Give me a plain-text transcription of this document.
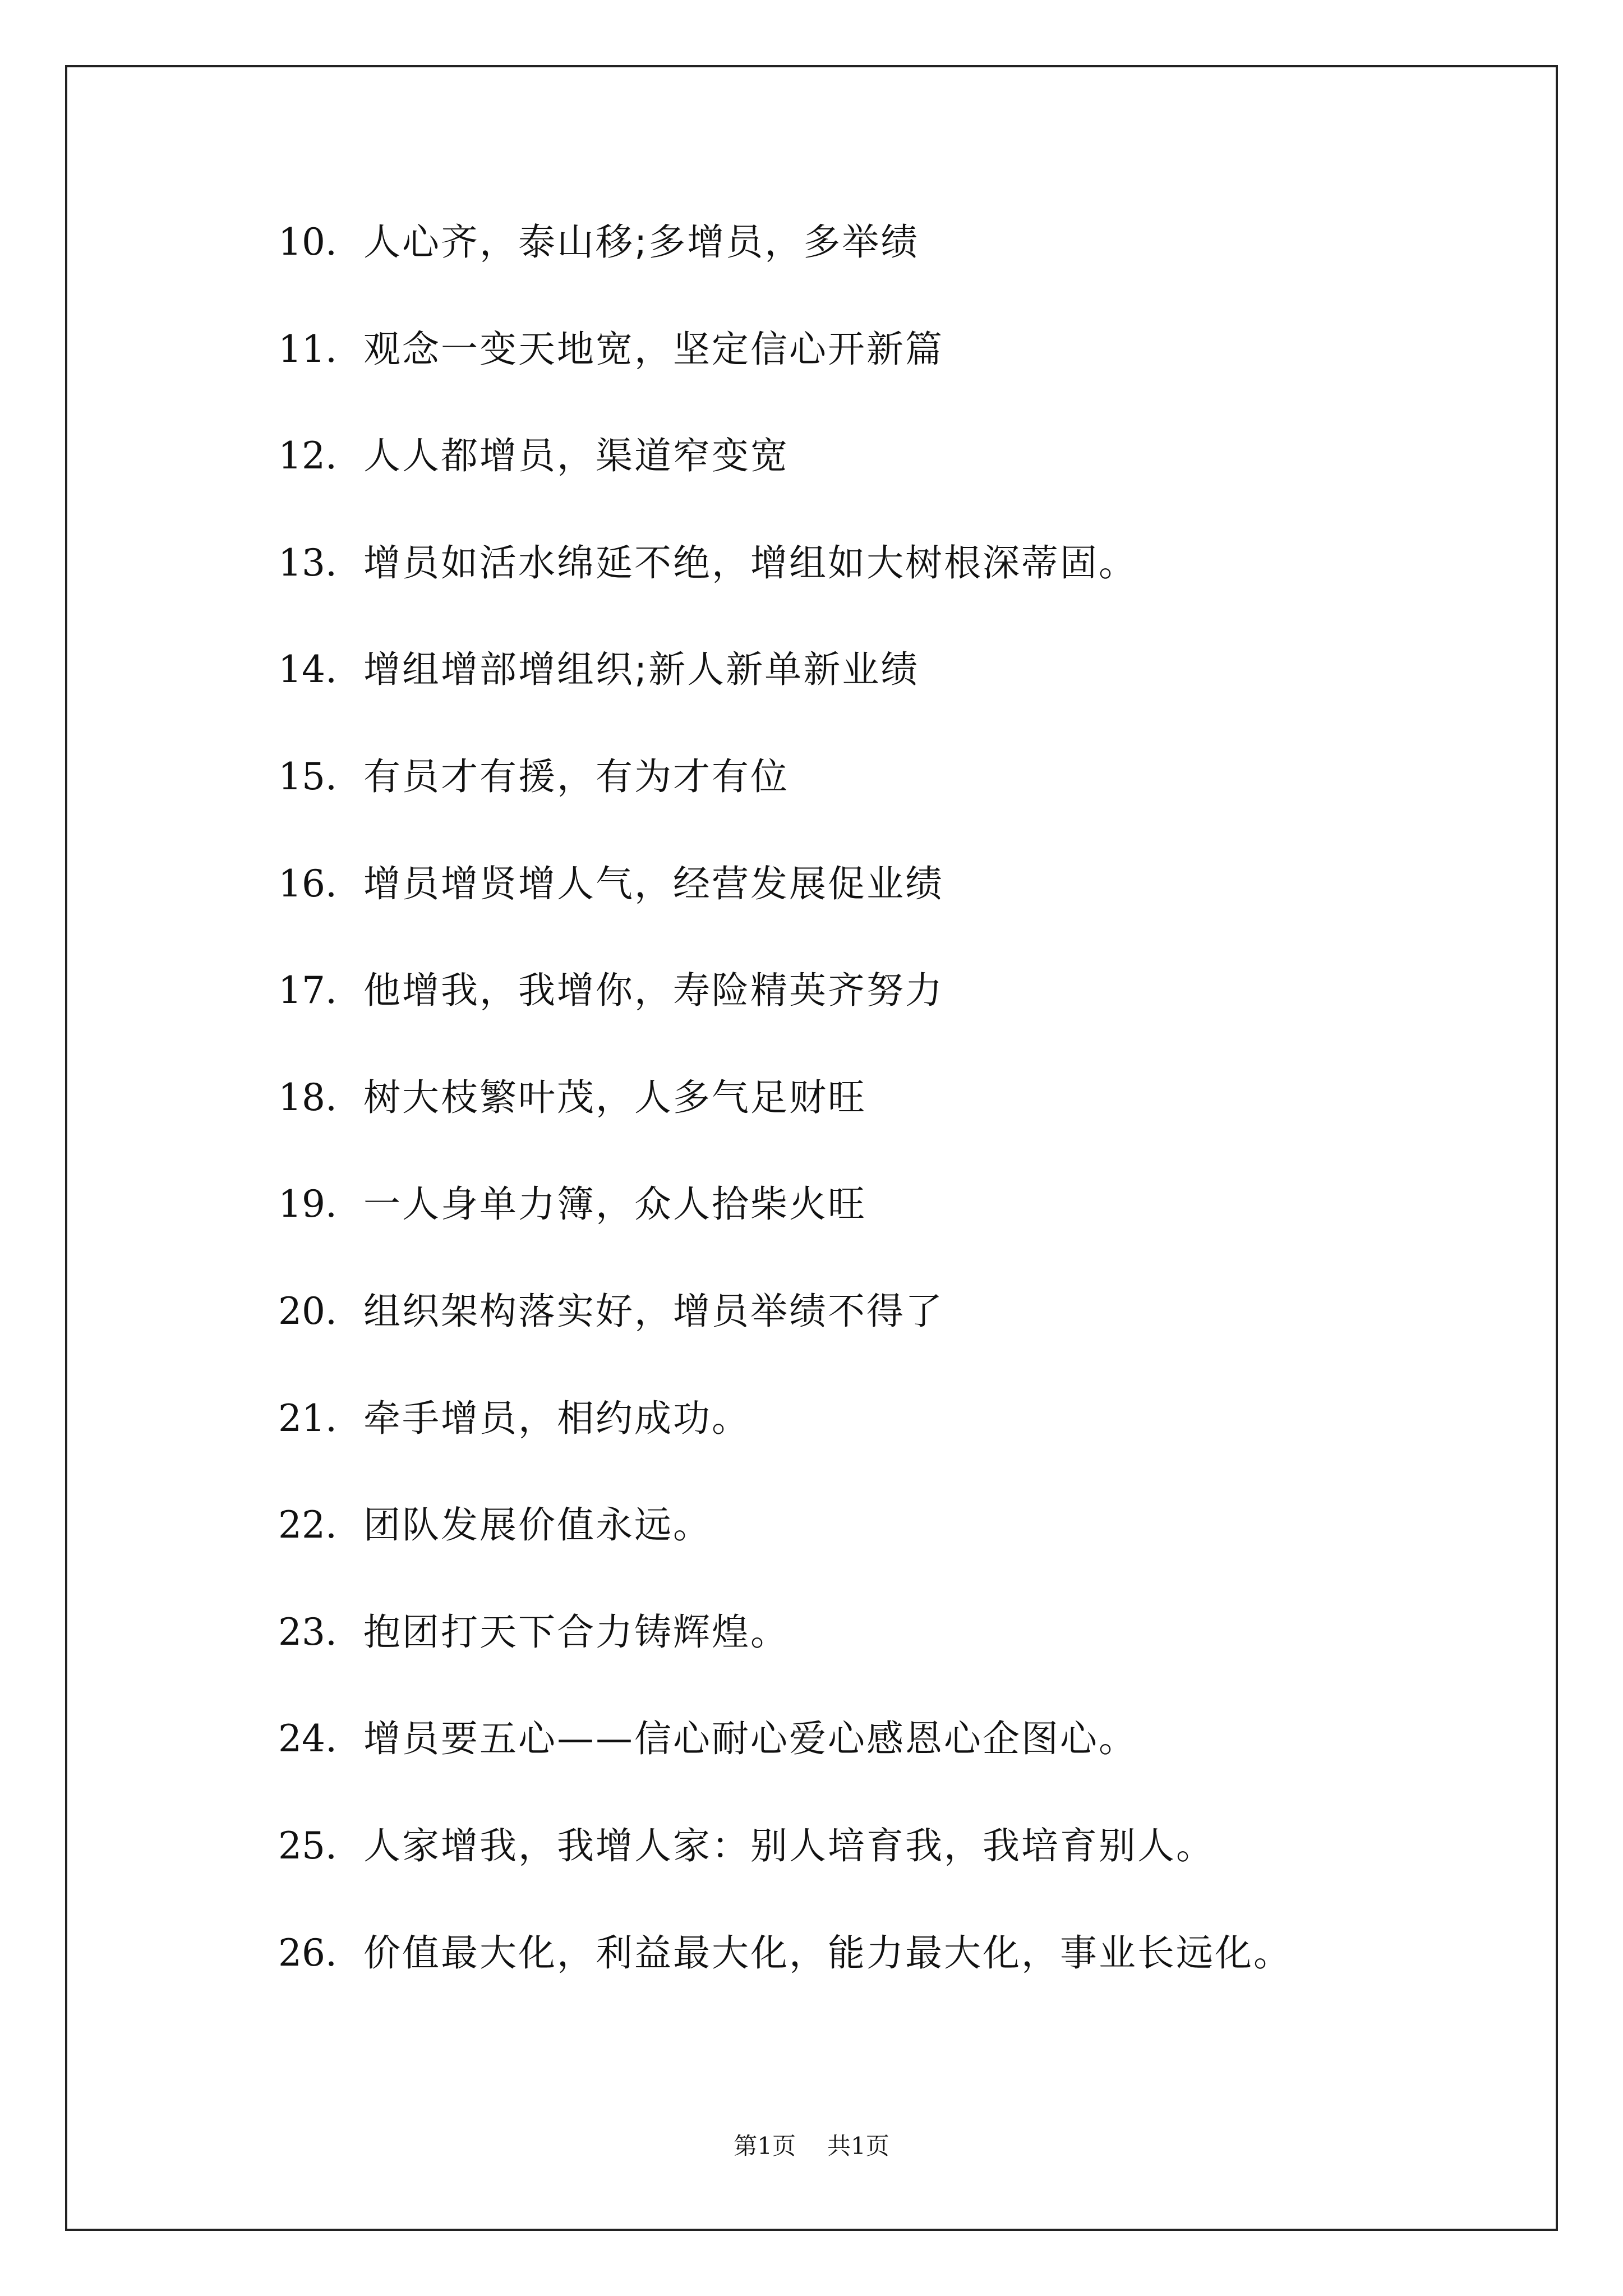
10. 人心齐，泰山移;多增员，多举绩
11. 观念一变天地宽，坚定信心开新篇
12. 人人都增员，渠道窄变宽
13. 增员如活水绵延不绝，增组如大树根深蒂固。
14. 增组增部增组织;新人新单新业绩
15. 有员才有援，有为才有位
16. 增员增贤增人气，经营发展促业绩
17. 他增我，我增你，寿险精英齐努力
18. 树大枝繁叶茂，人多气足财旺
19. 一人身单力簿，众人拾柴火旺
20. 组织架构落实好，增员举绩不得了
21. 牵手增员，相约成功。
22. 团队发展价值永远。
23. 抱团打天下合力铸辉煌。
24. 增员要五心——信心耐心爱心感恩心企图心。
25. 人家增我，我增人家：别人培育我，我培育别人。
26. 价值最大化，利益最大化，能力最大化，事业长远化。
第1页 共1页
